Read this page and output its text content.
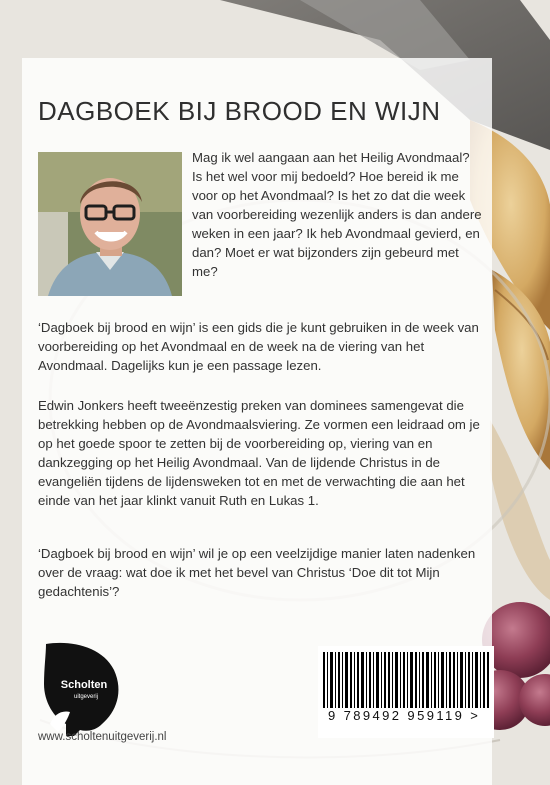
DAGBOEK BIJ BROOD EN WIJN

Mag ik wel aangaan aan het Heilig Avondmaal? Is het wel voor mij bedoeld? Hoe bereid ik me voor op het Avondmaal? Is het zo dat die week van voorbereiding wezenlijk anders is dan andere weken in een jaar? Ik heb Avondmaal gevierd, en dan? Moet er wat bijzonders zijn gebeurd met me?

‘Dagboek bij brood en wijn’ is een gids die je kunt gebruiken in de week van voorbereiding op het Avondmaal en de week na de viering van het Avondmaal. Dagelijks kun je een passage lezen.

Edwin Jonkers heeft tweeënzestig preken van dominees samengevat die betrekking hebben op de Avondmaalsviering. Ze vormen een leidraad om je op het goede spoor te zetten bij de voorbereiding op, viering van en dankzegging op het Heilig Avondmaal. Van de lijdende Christus in de evangeliën tijdens de lijdensweken tot en met de verwachting die aan het einde van het jaar klinkt vanuit Ruth en Lukas 1.

‘Dagboek bij brood en wijn’ wil je op een veelzijdige manier laten nadenken over de vraag: wat doe ik met het bevel van Christus ‘Doe dit tot Mijn gedachtenis’?

Scholten
uitgeverij

www.scholtenuitgeverij.nl

9 789492 959119 >
